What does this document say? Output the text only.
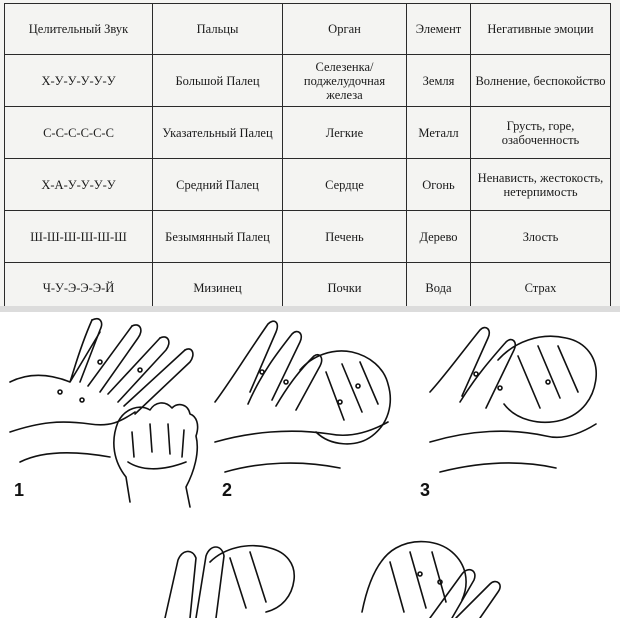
Целительный Звук	Пальцы	Орган	Элемент	Негативные эмоции
Х-У-У-У-У-У	Большой Палец	Селезенка/поджелудочная железа	Земля	Волнение, беспокойство
С-С-С-С-С-С	Указательный Палец	Легкие	Металл	Грусть, горе, озабоченность
Х-А-У-У-У-У	Средний Палец	Сердце	Огонь	Ненависть, жестокость, нетерпимость
Ш-Ш-Ш-Ш-Ш-Ш	Безымянный Палец	Печень	Дерево	Злость
Ч-У-Э-Э-Э-Й	Мизинец	Почки	Вода	Страх
1	2	3
